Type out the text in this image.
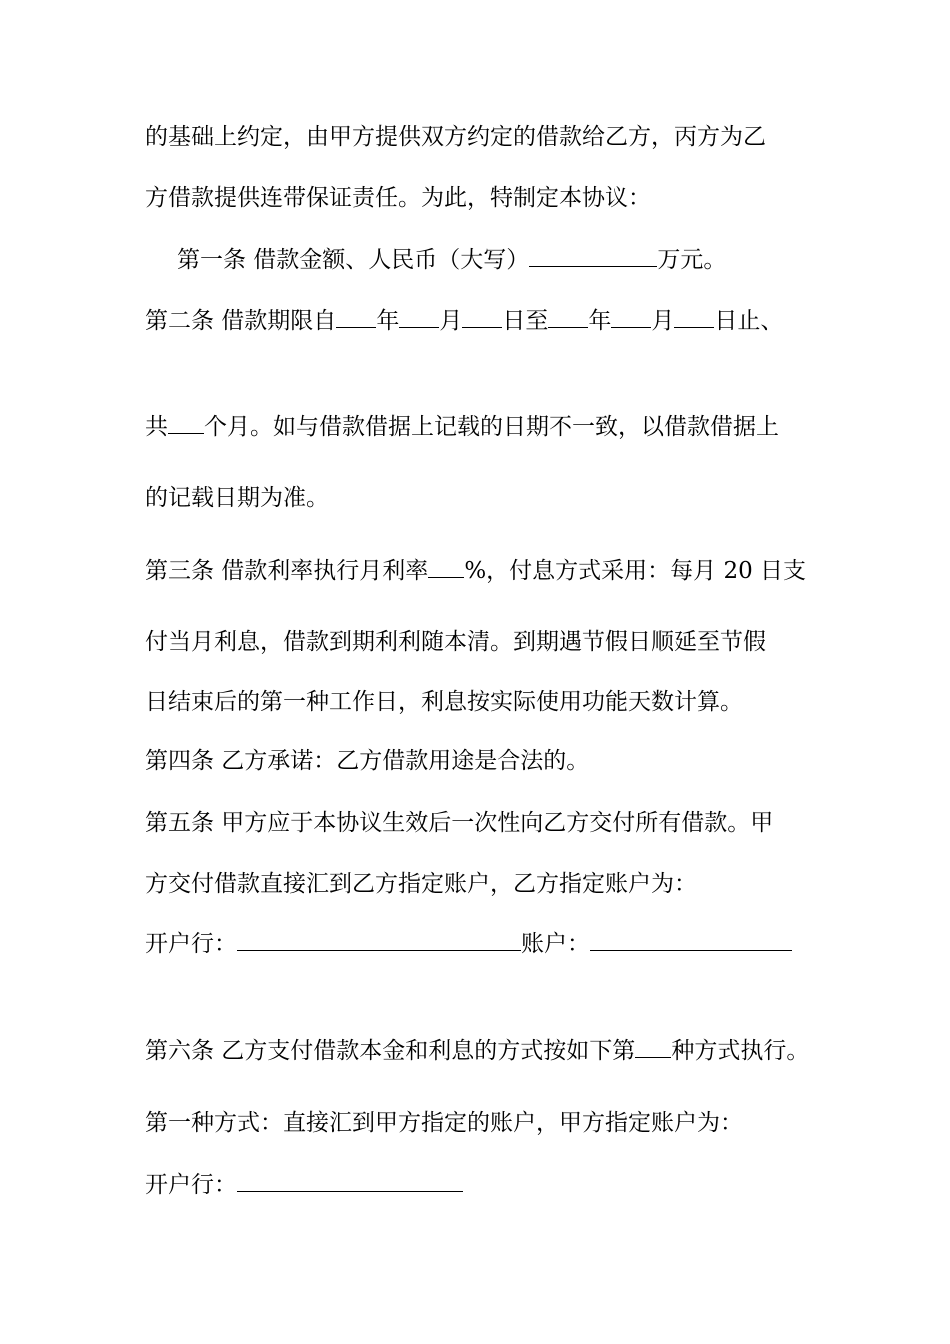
的基础上约定，由甲方提供双方约定的借款给乙方，丙方为乙
方借款提供连带保证责任。为此，特制定本协议：
第一条 借款金额、人民币（大写）	万元。
第二条 借款期限自 年 月 日至 年 月 日止、
共 个月。如与借款借据上记载的日期不一致，以借款借据上
的记载日期为准。
第三条 借款利率执行月利率 %，付息方式采用：每月 20 日支
付当月利息，借款到期利利随本清。到期遇节假日顺延至节假
日结束后的第一种工作日，利息按实际使用功能天数计算。
第四条 乙方承诺：乙方借款用途是合法的。
第五条 甲方应于本协议生效后一次性向乙方交付所有借款。甲
方交付借款直接汇到乙方指定账户，乙方指定账户为：
开户行：	账户：
第六条 乙方支付借款本金和利息的方式按如下第 种方式执行。
第一种方式：直接汇到甲方指定的账户，甲方指定账户为：
开户行：
